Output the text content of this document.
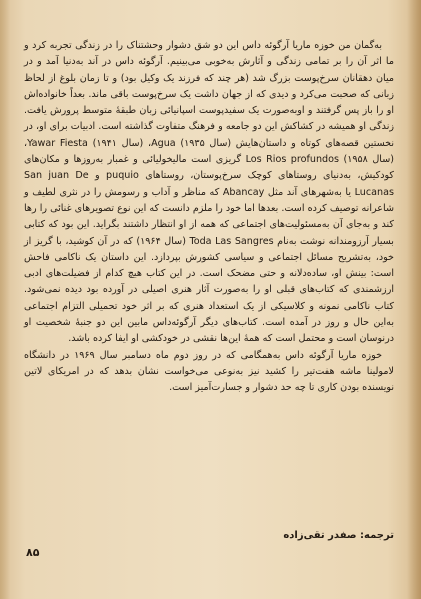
به‌گمان من خوزه ماریا آرگوئه داس این دو شق دشوار وحشتناک را در زندگی تجربه کرد و ما اثر آن را بر تمامی زندگی و آثارش به‌خوبی می‌بینیم. آرگوئه داس در آند به‌دنیا آمد و در میان دهقانان سرخ‌پوست بزرگ شد (هر چند که فرزند یک وکیل بود) و تا زمان بلوغ از لحاظ زبانی که صحبت می‌کرد و دیدی که از جهان داشت یک سرخ‌پوست باقی ماند. بعداً خانواده‌اش او را باز پس گرفتند و اوبه‌صورت یک سفیدپوست اسپانیائی زبان طبقهٔ متوسط پرورش یافت. زندگی او همیشه در کشاکش این دو جامعه و فرهنگ متفاوت گذاشته است. ادبیات برای او، در نخستین قصه‌های کوتاه و داستان‌هایش (سال ۱۹۳۵) Agua، (سال ۱۹۴۱) Yawar Fiesta، (سال ۱۹۵۸) Los Rios profundos گریزی است مالیخولیائی و غمبار به‌روزها و مکان‌های کودکیش، به‌دنیای روستاهای کوچک سرخ‌پوستان، روستاهای puquio و San juan De Lucanas یا به‌شهرهای آند مثل Abancay که مناظر و آداب و رسومش را در نثری لطیف و شاعرانه توصیف کرده است. بعدها اما خود را ملزم دانست که این نوع تصویرهای غنائی را رها کند و به‌جای آن به‌مسئولیت‌های اجتماعی که همه از او انتظار داشتند بگراید. این بود که کتابی بسیار آرزومندانه نوشت به‌نام Toda Las Sangres (سال ۱۹۶۴) که در آن کوشید، با گریز از خود، به‌تشریح مسائل اجتماعی و سیاسی کشورش بپردازد. این داستان یک ناکامی فاحش است: بینش او، ساده‌دلانه و حتی مضحک است. در این کتاب هیچ کدام از فضیلت‌های ادبی ارزشمندی که کتاب‌های قبلی او را به‌صورت آثار هنری اصیلی در آورده بود دیده نمی‌شود. کتاب ناکامی نمونه و کلاسیکی از یک استعداد هنری که بر اثر خود تحمیلی التزام اجتماعی به‌این حال و روز در آمده است. کتاب‌های دیگر آرگوئه‌داس مابین این دو جنبهٔ شخصیت او درنوسان است و محتمل است که همهٔ این‌ها نقشی در خودکشی او ایفا کرده باشد.

خوزه ماریا آرگوئه داس به‌همگامی که در روز دوم ماه دسامبر سال ۱۹۶۹ در دانشگاه لامولینا ماشه هفت‌تیر را کشید نیز به‌نوعی می‌خواست نشان بدهد که در امریکای لاتین نویسنده بودن کاری تا چه حد دشوار و جسارت‌آمیز است.

ترجمه: صفدر تقی‌زاده
۸۵
